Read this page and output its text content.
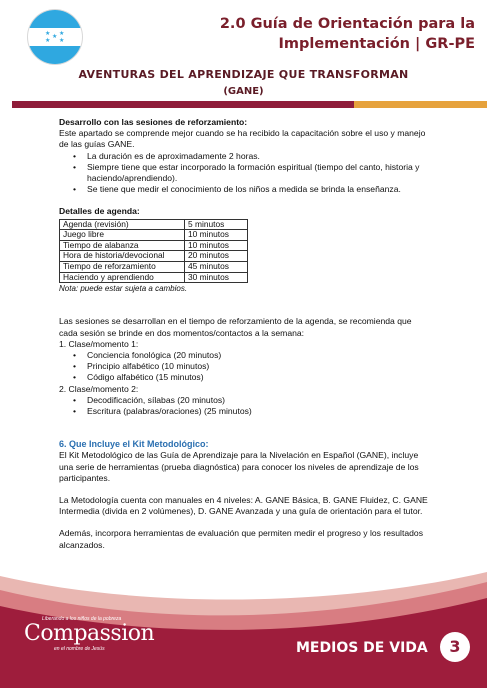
★ ★
★
★ ★
2.0 Guía de Orientación para la
Implementación | GR-PE
AVENTURAS DEL APRENDIZAJE QUE TRANSFORMAN
(GANE)

Desarrollo con las sesiones de reforzamiento:

Este apartado se comprende mejor cuando se ha recibido la capacitación sobre el uso y manejo de las guías GANE.

• La duración es de aproximadamente 2 horas.
• Siempre tiene que estar incorporado la formación espiritual (tiempo del canto, historia y haciendo/aprendiendo).
• Se tiene que medir el conocimiento de los niños a medida se brinda la enseñanza.

Detalles de agenda:

Agenda (revisión)	5 minutos
Juego libre	10 minutos
Tiempo de alabanza	10 minutos
Hora de historia/devocional	20 minutos
Tiempo de reforzamiento	45 minutos
Haciendo y aprendiendo	30 minutos

Nota: puede estar sujeta a cambios.

Las sesiones se desarrollan en el tiempo de reforzamiento de la agenda, se recomienda que cada sesión se brinde en dos momentos/contactos a la semana:

1. Clase/momento 1:

• Conciencia fonológica (20 minutos)
• Principio alfabético (10 minutos)
• Código alfabético (15 minutos)

2. Clase/momento 2:

• Decodificación, sílabas (20 minutos)
• Escritura (palabras/oraciones) (25 minutos)

6. Que Incluye el Kit Metodológico:

El Kit Metodológico de las Guía de Aprendizaje para la Nivelación en Español (GANE), incluye una serie de herramientas (prueba diagnóstica) para conocer los niveles de aprendizaje de los participantes.

La Metodología cuenta con manuales en 4 niveles: A. GANE Básica, B. GANE Fluidez, C. GANE Intermedia (divida en 2 volúmenes), D. GANE Avanzada y una guía de orientación para el tutor.

Además, incorpora herramientas de evaluación que permiten medir el progreso y los resultados alcanzados.

Liberando a los niños de la pobreza
Compassion
en el nombre de Jesús	MEDIOS DE VIDA	3
